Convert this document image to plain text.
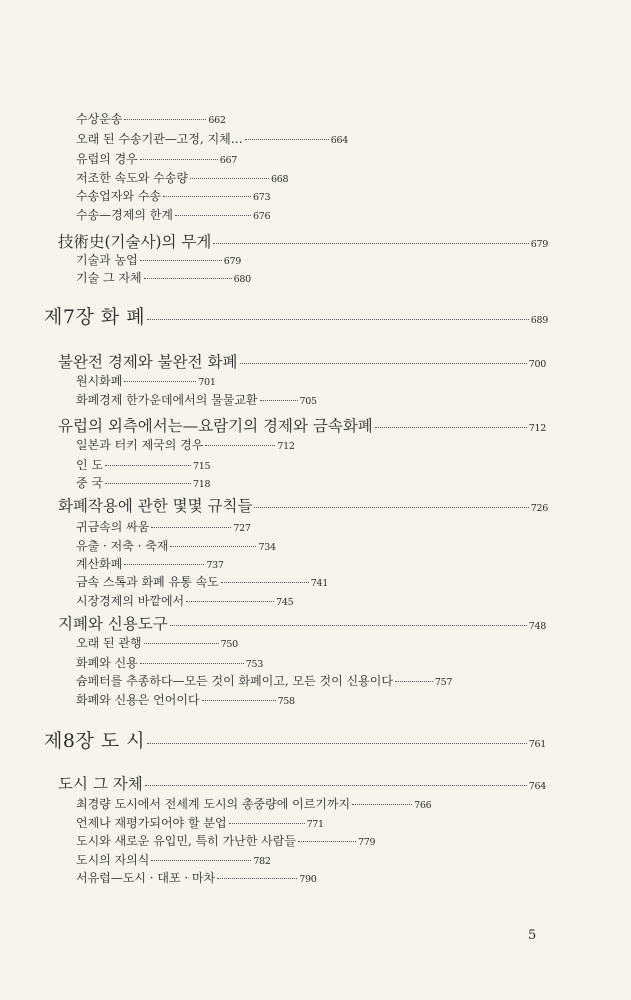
수상운송	662
오래 된 수송기관—고정, 지체…	664
유럽의 경우	667
저조한 속도와 수송량	668
수송업자와 수송	673
수송—경제의 한계	676
技術史(기술사)의 무게	679
기술과 농업	679
기술 그 자체	680
제7장 화 폐	689
불완전 경제와 불완전 화폐	700
원시화폐	701
화폐경제 한가운데에서의 물물교환	705
유럽의 외측에서는—요람기의 경제와 금속화폐	712
일본과 터키 제국의 경우	712
인 도	715
중 국	718
화폐작용에 관한 몇몇 규칙들	726
귀금속의 싸움	727
유출 · 저축 · 축재	734
계산화폐	737
금속 스톡과 화폐 유통 속도	741
시장경제의 바깥에서	745
지폐와 신용도구	748
오래 된 관행	750
화폐와 신용	753
슘페터를 추종하다—모든 것이 화폐이고, 모든 것이 신용이다	757
화폐와 신용은 언어이다	758
제8장 도 시	761
도시 그 자체	764
최경량 도시에서 전세계 도시의 총중량에 이르기까지	766
언제나 재평가되어야 할 분업	771
도시와 새로운 유입민, 특히 가난한 사람들	779
도시의 자의식	782
서유럽—도시 · 대포 · 마차	790
5
